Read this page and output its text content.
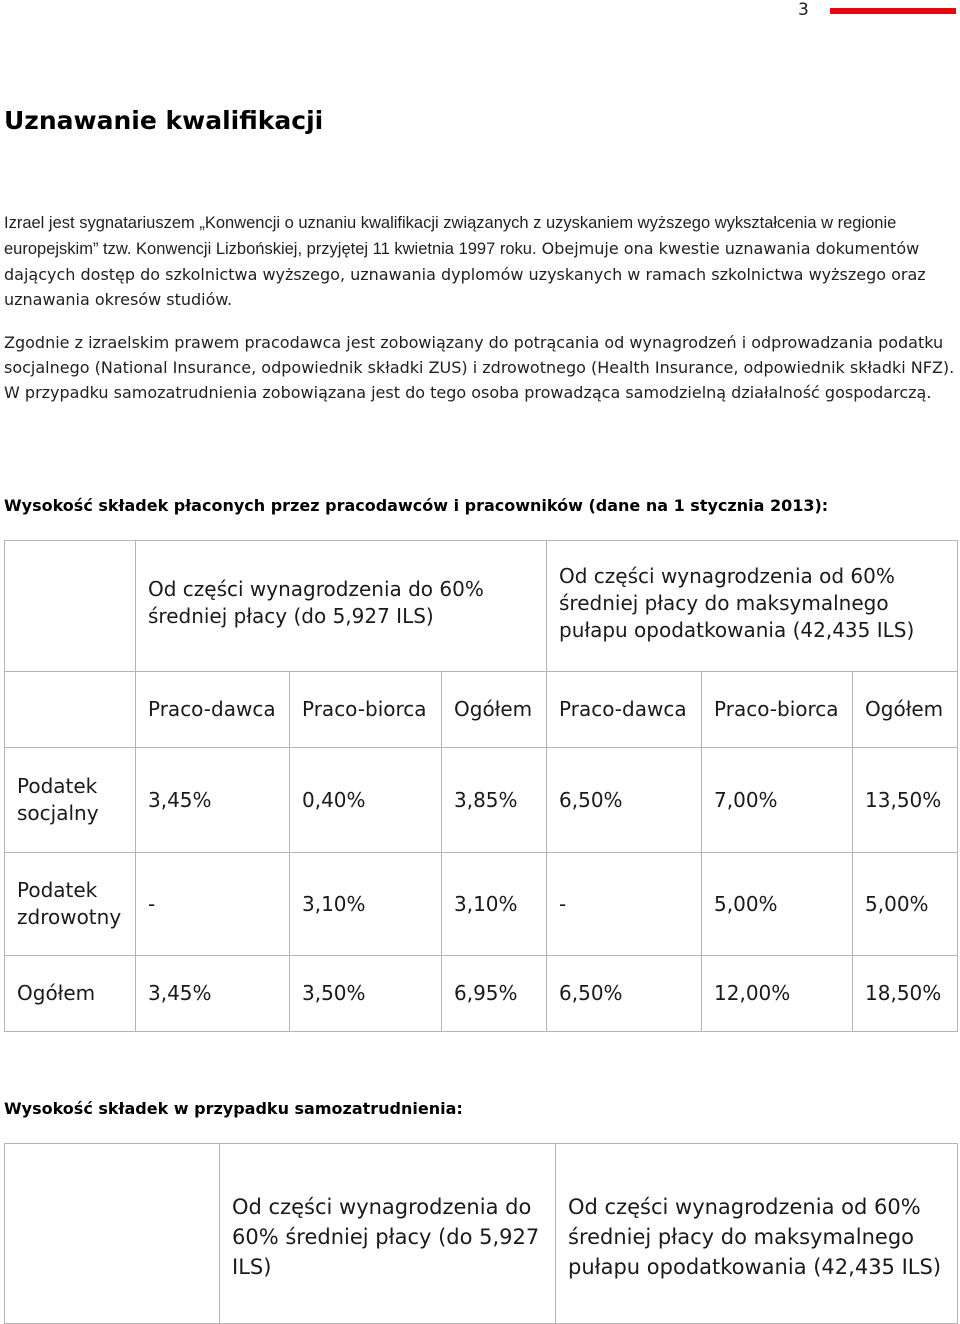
3
Uznawanie kwalifikacji

Izrael jest sygnatariuszem „Konwencji o uznaniu kwalifikacji związanych z uzyskaniem wyższego wykształcenia w regionie europejskim” tzw. Konwencji Lizbońskiej, przyjętej 11 kwietnia 1997 roku. Obejmuje ona kwestie uznawania dokumentów dających dostęp do szkolnictwa wyższego, uznawania dyplomów uzyskanych w ramach szkolnictwa wyższego oraz uznawania okresów studiów.

Zgodnie z izraelskim prawem pracodawca jest zobowiązany do potrącania od wynagrodzeń i odprowadzania podatku socjalnego (National Insurance, odpowiednik składki ZUS) i zdrowotnego (Health Insurance, odpowiednik składki NFZ). W przypadku samozatrudnienia zobowiązana jest do tego osoba prowadząca samodzielną działalność gospodarczą.

Wysokość składek płaconych przez pracodawców i pracowników (dane na 1 stycznia 2013):
	Od części wynagrodzenia do 60% średniej płacy (do 5,927 ILS)			Od części wynagrodzenia od 60% średniej płacy do maksymalnego pułapu opodatkowania (42,435 ILS)		
	Praco-dawca	Praco-biorca	Ogółem	Praco-dawca	Praco-biorca	Ogółem
Podatek socjalny	3,45%	0,40%	3,85%	6,50%	7,00%	13,50%
Podatek zdrowotny	-	3,10%	3,10%	-	5,00%	5,00%
Ogółem	3,45%	3,50%	6,95%	6,50%	12,00%	18,50%
Wysokość składek w przypadku samozatrudnienia:
	Od części wynagrodzenia do 60% średniej płacy (do 5,927 ILS)	Od części wynagrodzenia od 60% średniej płacy do maksymalnego pułapu opodatkowania (42,435 ILS)
